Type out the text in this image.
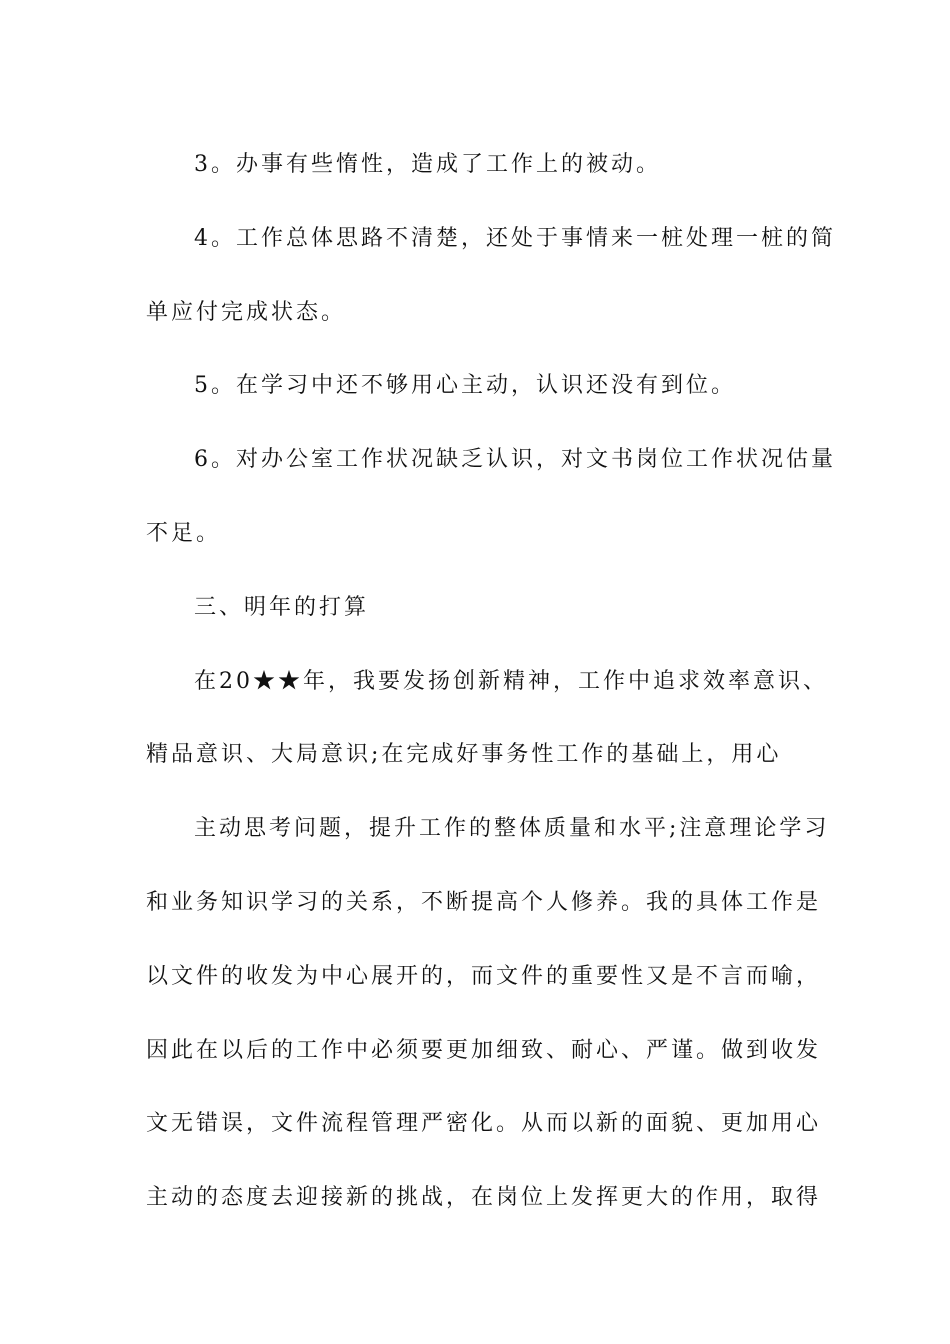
3。办事有些惰性，造成了工作上的被动。
4。工作总体思路不清楚，还处于事情来一桩处理一桩的简
单应付完成状态。
5。在学习中还不够用心主动，认识还没有到位。
6。对办公室工作状况缺乏认识，对文书岗位工作状况估量
不足。
三、明年的打算
在20★★年，我要发扬创新精神，工作中追求效率意识、
精品意识、大局意识;在完成好事务性工作的基础上，用心
主动思考问题，提升工作的整体质量和水平;注意理论学习
和业务知识学习的关系，不断提高个人修养。我的具体工作是
以文件的收发为中心展开的，而文件的重要性又是不言而喻，
因此在以后的工作中必须要更加细致、耐心、严谨。做到收发
文无错误，文件流程管理严密化。从而以新的面貌、更加用心
主动的态度去迎接新的挑战，在岗位上发挥更大的作用，取得
